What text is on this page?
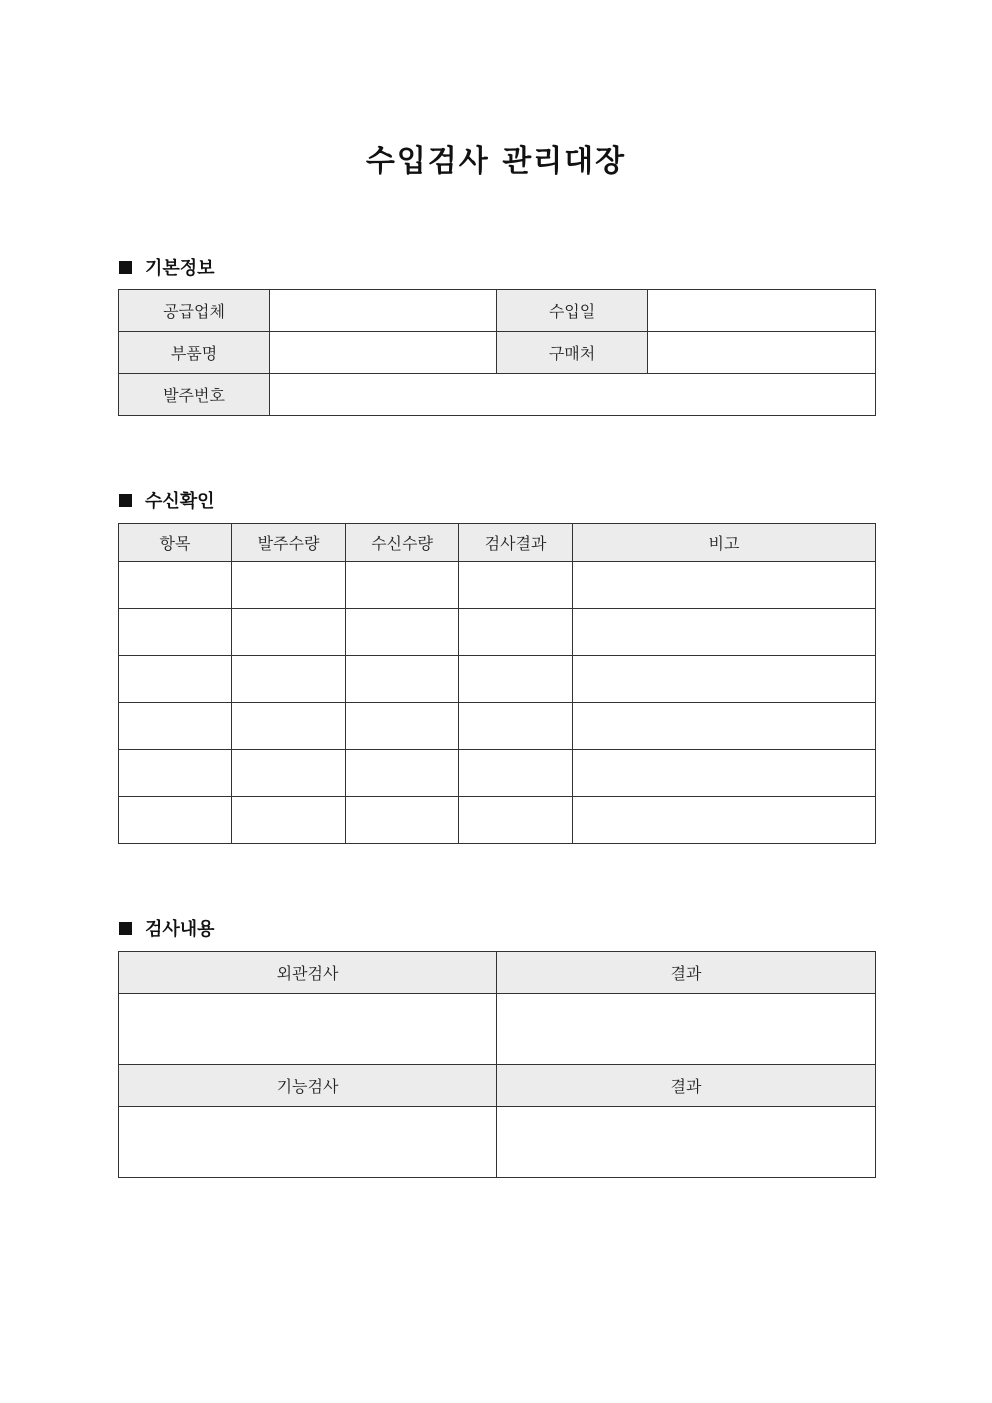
수입검사 관리대장
기본정보
공급업체		수입일	
부품명		구매처	
발주번호			
수신확인
항목	발주수량	수신수량	검사결과	비고

검사내용
외관검사	결과

기능검사	결과
